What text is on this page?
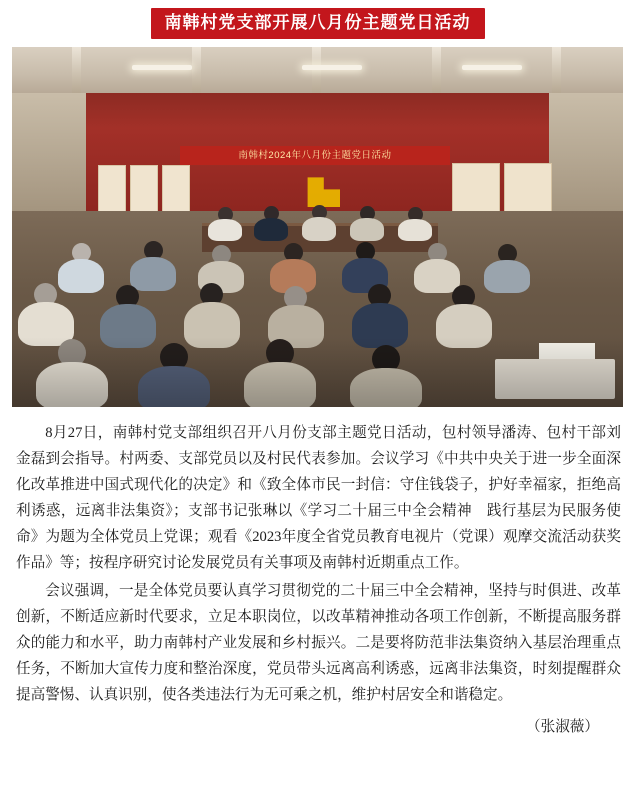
南韩村党支部开展八月份主题党日活动
南韩村2024年八月份主题党日活动

8月27日，南韩村党支部组织召开八月份支部主题党日活动，包村领导潘涛、包村干部刘金磊到会指导。村两委、支部党员以及村民代表参加。会议学习《中共中央关于进一步全面深化改革推进中国式现代化的决定》和《致全体市民一封信：守住钱袋子，护好幸福家，拒绝高利诱惑，远离非法集资》；支部书记张琳以《学习二十届三中全会精神　践行基层为民服务使命》为题为全体党员上党课；观看《2023年度全省党员教育电视片（党课）观摩交流活动获奖作品》等；按程序研究讨论发展党员有关事项及南韩村近期重点工作。

会议强调，一是全体党员要认真学习贯彻党的二十届三中全会精神，坚持与时俱进、改革创新，不断适应新时代要求，立足本职岗位，以改革精神推动各项工作创新，不断提高服务群众的能力和水平，助力南韩村产业发展和乡村振兴。二是要将防范非法集资纳入基层治理重点任务，不断加大宣传力度和整治深度，党员带头远离高利诱惑，远离非法集资，时刻提醒群众提高警惕、认真识别，使各类违法行为无可乘之机，维护村居安全和谐稳定。

（张淑薇）
